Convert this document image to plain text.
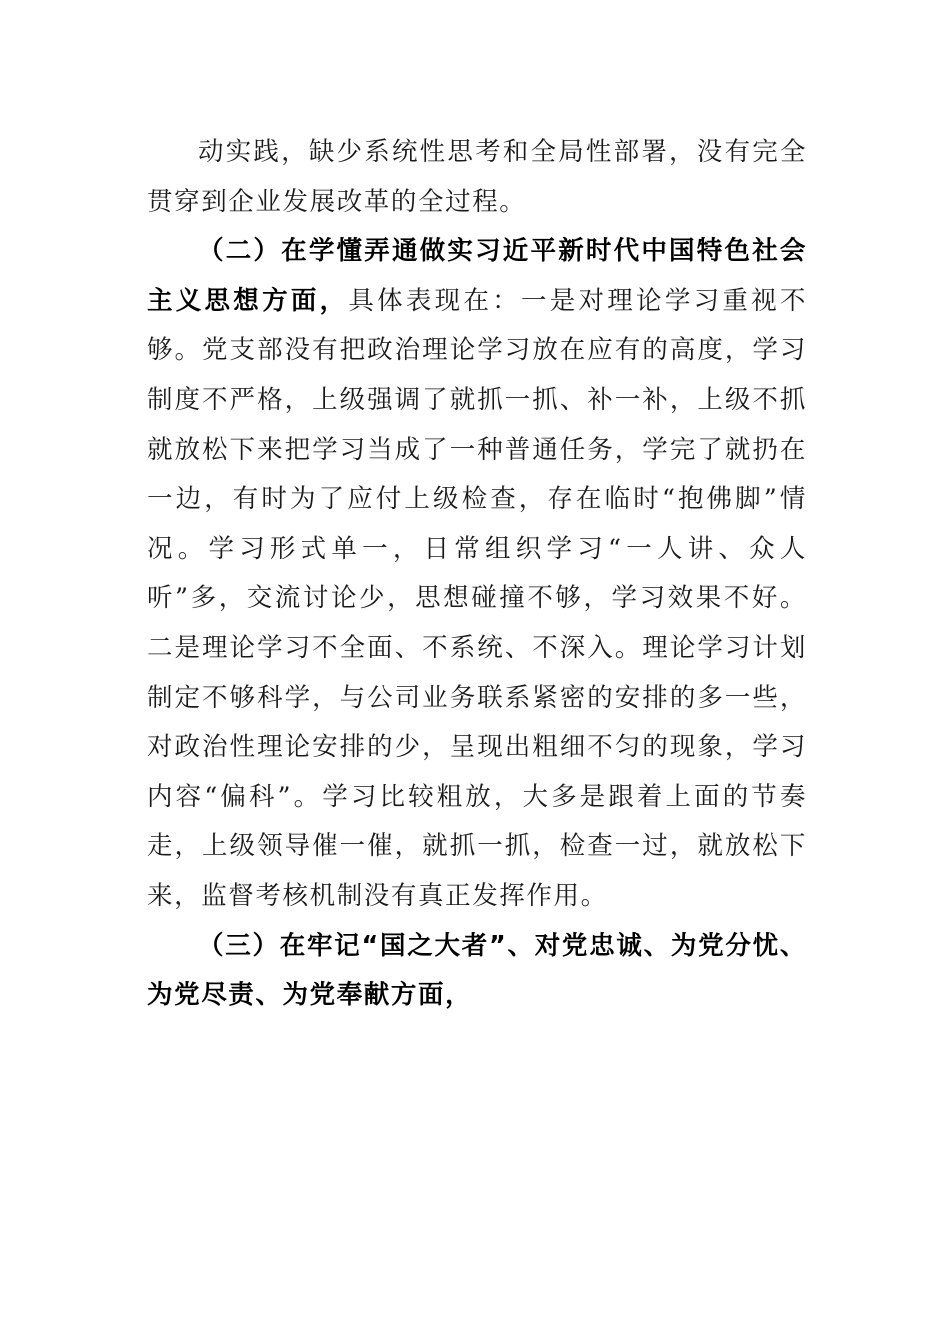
动实践，缺少系统性思考和全局性部署，没有完全贯穿到企业发展改革的全过程。

（二）在学懂弄通做实习近平新时代中国特色社会主义思想方面，具体表现在：一是对理论学习重视不够。党支部没有把政治理论学习放在应有的高度，学习制度不严格，上级强调了就抓一抓、补一补，上级不抓就放松下来把学习当成了一种普通任务，学完了就扔在一边，有时为了应付上级检查，存在临时“抱佛脚”情况。学习形式单一，日常组织学习“一人讲、众人听”多，交流讨论少，思想碰撞不够，学习效果不好。二是理论学习不全面、不系统、不深入。理论学习计划制定不够科学，与公司业务联系紧密的安排的多一些，对政治性理论安排的少，呈现出粗细不匀的现象，学习内容“偏科”。学习比较粗放，大多是跟着上面的节奏走，上级领导催一催，就抓一抓，检查一过，就放松下来，监督考核机制没有真正发挥作用。

（三）在牢记“国之大者”、对党忠诚、为党分忧、为党尽责、为党奉献方面，
